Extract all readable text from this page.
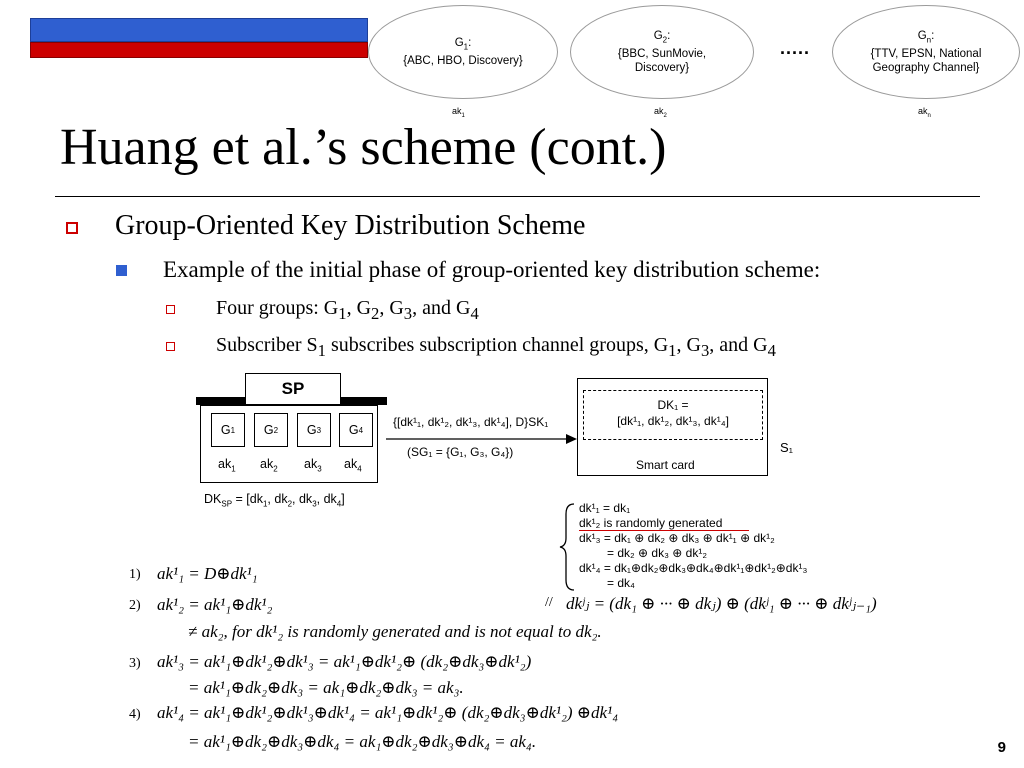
$G_1$:
{ABC, HBO, Discovery}
$ak_1$
$G_2$:
{BBC, SunMovie,
Discovery}
$ak_2$
.....
$G_n$:
{TTV, EPSN, National
Geography Channel}
$ak_n$
Huang et al.’s scheme (cont.)
Group-Oriented Key Distribution Scheme
Example of the initial phase of group-oriented key distribution scheme:
Four groups: $G_1$, $G_2$, $G_3$, and $G_4$
Subscriber $S_1$ subscribes subscription channel groups, $G_1$, $G_3$, and $G_4$
SP
G 1	G 2	G 3	G 4
$ak_1$ $ak_2$ $ak_3$ $ak_4$
$DK_{SP} = [dk_1$, $dk_2$, $dk_3$, $dk_4$]
{[dk¹₁, dk¹₂, dk¹₃, dk¹₄], D}SK₁
(SG₁ = {G₁, G₃, G₄})
DK₁ =
[dk¹₁, dk¹₂, dk¹₃, dk¹₄]
Smart card
S₁
dk¹₁ = dk₁
dk¹₂ is randomly generated
dk¹₃ = dk₁ ⊕ dk₂ ⊕ dk₃ ⊕ dk¹₁ ⊕ dk¹₂
= dk₂ ⊕ dk₃ ⊕ dk¹₂
dk¹₄ = dk₁⊕dk₂⊕dk₃⊕dk₄⊕dk¹₁⊕dk¹₂⊕dk¹₃
= dk₄
1) ak¹₁ = D⊕dk¹₁
2) ak¹₂ = ak¹₁⊕dk¹₂	// dkʲⱼ = (dk₁ ⊕ ··· ⊕ dkⱼ) ⊕ (dkʲ₁ ⊕ ··· ⊕ dkʲⱼ₋₁)
≠ ak₂, for dk¹₂ is randomly generated and is not equal to dk₂.
3) ak¹₃ = ak¹₁⊕dk¹₂⊕dk¹₃ = ak¹₁⊕dk¹₂⊕ (dk₂⊕dk₃⊕dk¹₂)
= ak¹₁⊕dk₂⊕dk₃ = ak₁⊕dk₂⊕dk₃ = ak₃.
4) ak¹₄ = ak¹₁⊕dk¹₂⊕dk¹₃⊕dk¹₄ = ak¹₁⊕dk¹₂⊕ (dk₂⊕dk₃⊕dk¹₂) ⊕dk¹₄
= ak¹₁⊕dk₂⊕dk₃⊕dk₄ = ak₁⊕dk₂⊕dk₃⊕dk₄ = ak₄.	9
